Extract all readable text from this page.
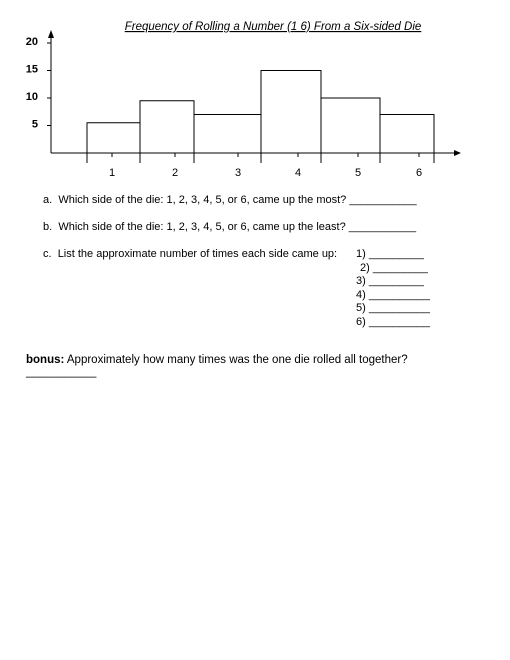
Frequency of Rolling a Number (1 6) From a Six-sided Die
20
15
10
5
1	2	3	4	5	6
a. Which side of the die: 1, 2, 3, 4, 5, or 6, came up the most? ___________
b. Which side of the die: 1, 2, 3, 4, 5, or 6, came up the least? ___________
c. List the approximate number of times each side came up: 1) _________
2) _________
3) _________
4) __________
5) __________
6) __________
bonus: Approximately how many times was the one die rolled all together?
___________
